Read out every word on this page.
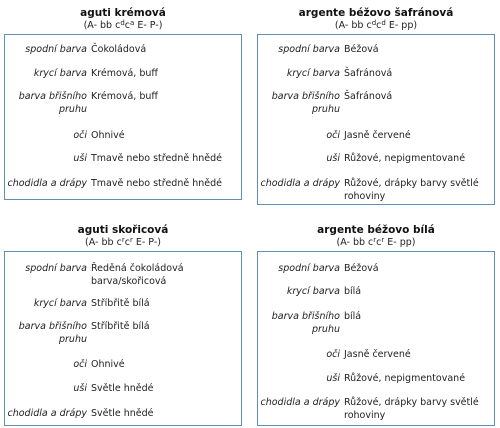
aguti krémová
(A- bb $c^dc^a$ E- P-)
spodní barva Čokoládová
krycí barva Krémová, buff
barva břišního pruhu
Krémová, buff
oči Ohnivé
uši Tmavě nebo středně hnědé
chodidla a drápy Tmavě nebo středně hnědé
argente béžovo šafránová
(A- bb $c^dc^d$ E- pp)
spodní barva Béžová
krycí barva Šafránová
barva břišního pruhu
Šafránová
oči Jasně červené
uši Růžové, nepigmentované
chodidla a drápy Růžové, drápky barvy světlé rohoviny
aguti skořicová
(A- bb $c^rc^r$ E- P-)
spodní barva Ředěná čokoládová barva/skořicová
krycí barva Stříbřitě bílá
barva břišního pruhu
Stříbřitě bílá
oči Ohnivé
uši Světle hnědé
chodidla a drápy Světle hnědé
argente béžovo bílá
(A- bb $c^rc^r$ E- pp)
spodní barva Béžová
krycí barva bílá
barva břišního pruhu
bílá
oči Jasně červené
uši Růžové, nepigmentované
chodidla a drápy Růžové, drápky barvy světlé rohoviny
